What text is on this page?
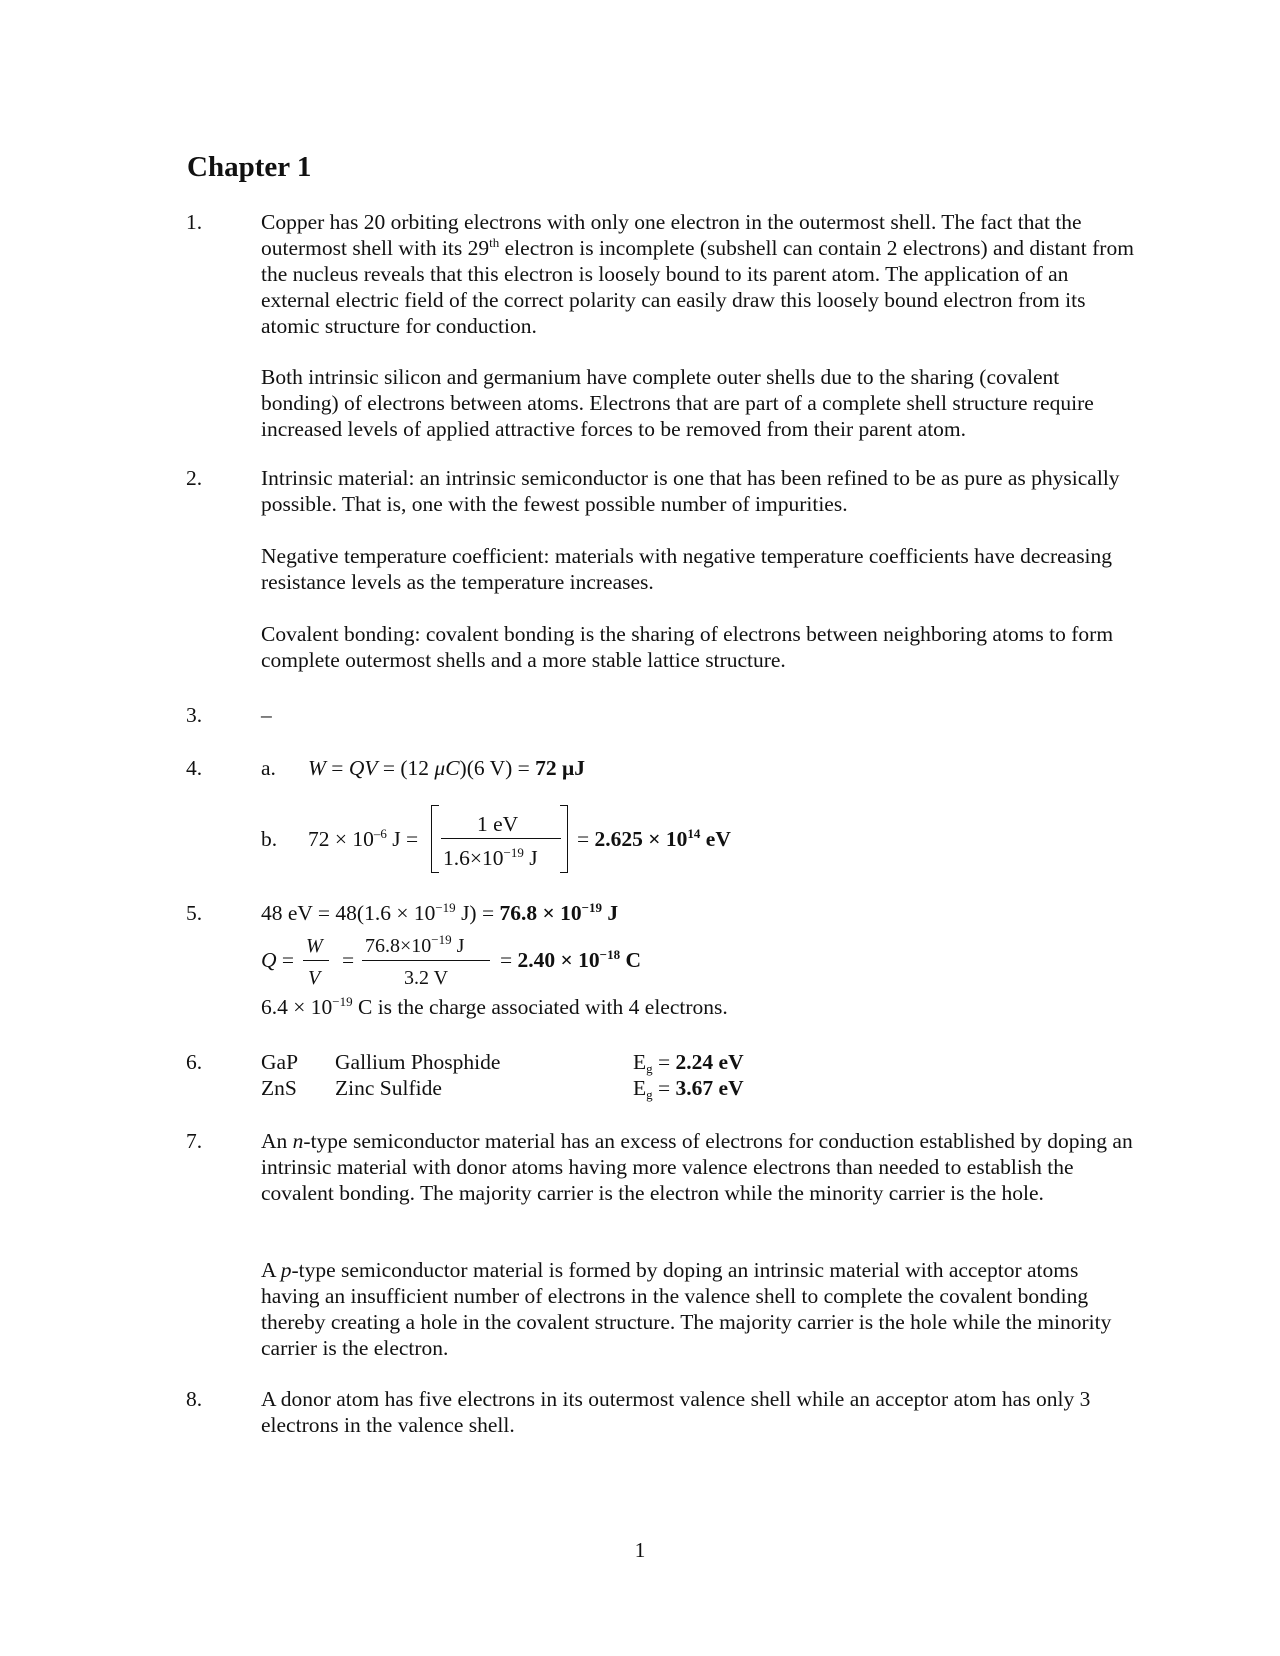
Chapter 1
1.	Copper has 20 orbiting electrons with only one electron in the outermost shell. The fact that the outermost shell with its 29th electron is incomplete (subshell can contain 2 electrons) and distant from the nucleus reveals that this electron is loosely bound to its parent atom. The application of an external electric field of the correct polarity can easily draw this loosely bound electron from its atomic structure for conduction.

Both intrinsic silicon and germanium have complete outer shells due to the sharing (covalent bonding) of electrons between atoms. Electrons that are part of a complete shell structure require increased levels of applied attractive forces to be removed from their parent atom.
2.	Intrinsic material: an intrinsic semiconductor is one that has been refined to be as pure as physically possible. That is, one with the fewest possible number of impurities.
Negative temperature coefficient: materials with negative temperature coefficients have decreasing resistance levels as the temperature increases.
Covalent bonding: covalent bonding is the sharing of electrons between neighboring atoms to form complete outermost shells and a more stable lattice structure.
3.	–
4.	a. W = QV = (12 μC)(6 V) = 72 μJ
b. $72 \times 10^{-6}$ J =
1 eV
$1.6\times 10^{-19}$ J
= $2.625 \times 10^{14}$ eV
5.	48 eV = $48(1.6 \times 10^{-19}$ $J) = 76.8 \times 10^{-19}$ J
Q =
W
V
=
$76.8\times 10^{-19}$ J
3.2 V
= $2.40 \times 10^{-18}$ C
$6.4 \times 10^{-19}$ C is the charge associated with 4 electrons.
6.	GaP Gallium Phosphide	$E_g = 2.24$ eV
ZnS Zinc Sulfide	$E_g = 3.67$ eV
7.	An n-type semiconductor material has an excess of electrons for conduction established by doping an intrinsic material with donor atoms having more valence electrons than needed to establish the covalent bonding. The majority carrier is the electron while the minority carrier is the hole.
A p-type semiconductor material is formed by doping an intrinsic material with acceptor atoms having an insufficient number of electrons in the valence shell to complete the covalent bonding thereby creating a hole in the covalent structure. The majority carrier is the hole while the minority carrier is the electron.
8.	A donor atom has five electrons in its outermost valence shell while an acceptor atom has only 3 electrons in the valence shell.
1
